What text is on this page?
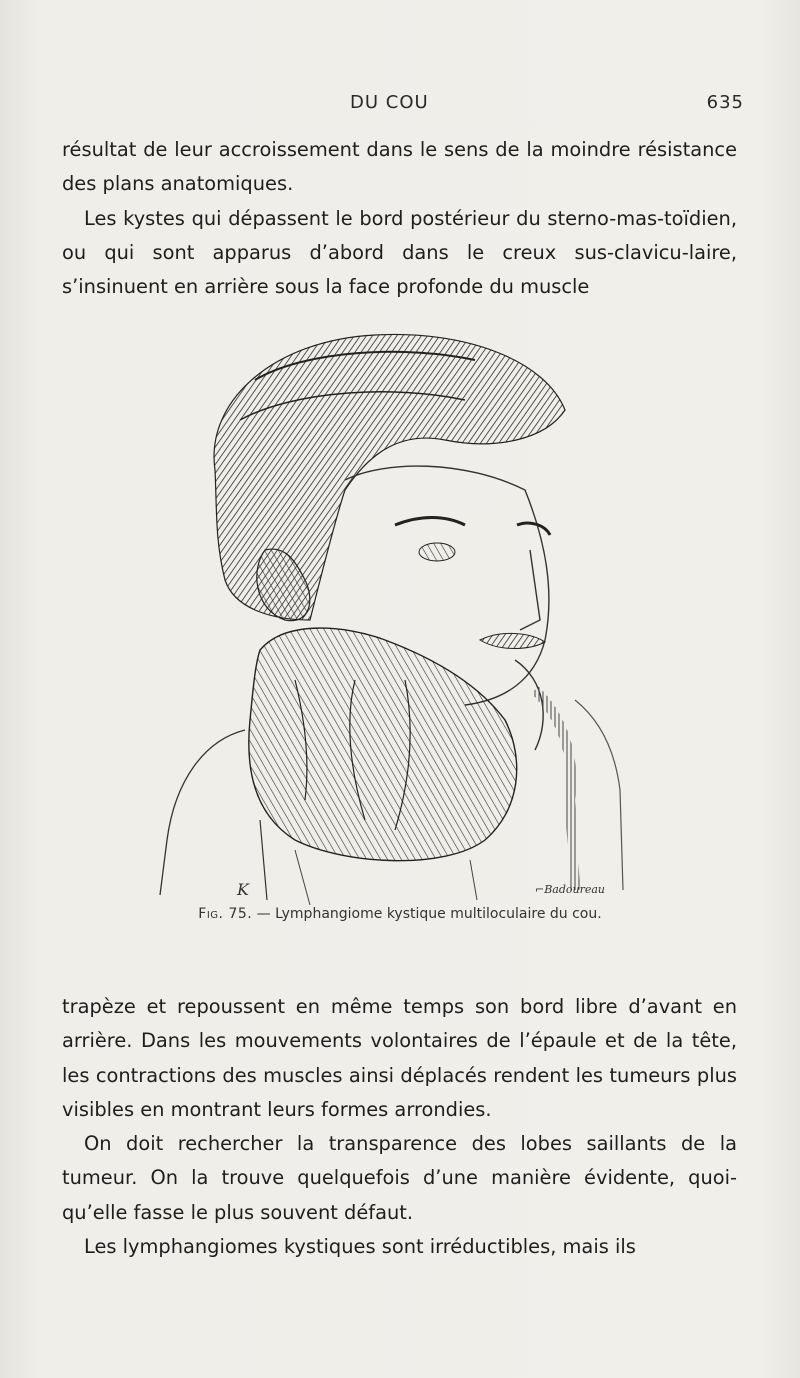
DU COU	635
résultat de leur accroissement dans le sens de la moindre résistance des plans anatomiques.
Les kystes qui dépassent le bord postérieur du sterno-mas-toïdien, ou qui sont apparus d’abord dans le creux sus-clavicu-laire, s’insinuent en arrière sous la face profonde du muscle
K	⌐Badoureau
Fig. 75. — Lymphangiome kystique multiloculaire du cou.
trapèze et repoussent en même temps son bord libre d’avant en arrière. Dans les mouvements volontaires de l’épaule et de la tête, les contractions des muscles ainsi déplacés rendent les tumeurs plus visibles en montrant leurs formes arrondies.
On doit rechercher la transparence des lobes saillants de la tumeur. On la trouve quelquefois d’une manière évidente, quoi-qu’elle fasse le plus souvent défaut.
Les lymphangiomes kystiques sont irréductibles, mais ils
